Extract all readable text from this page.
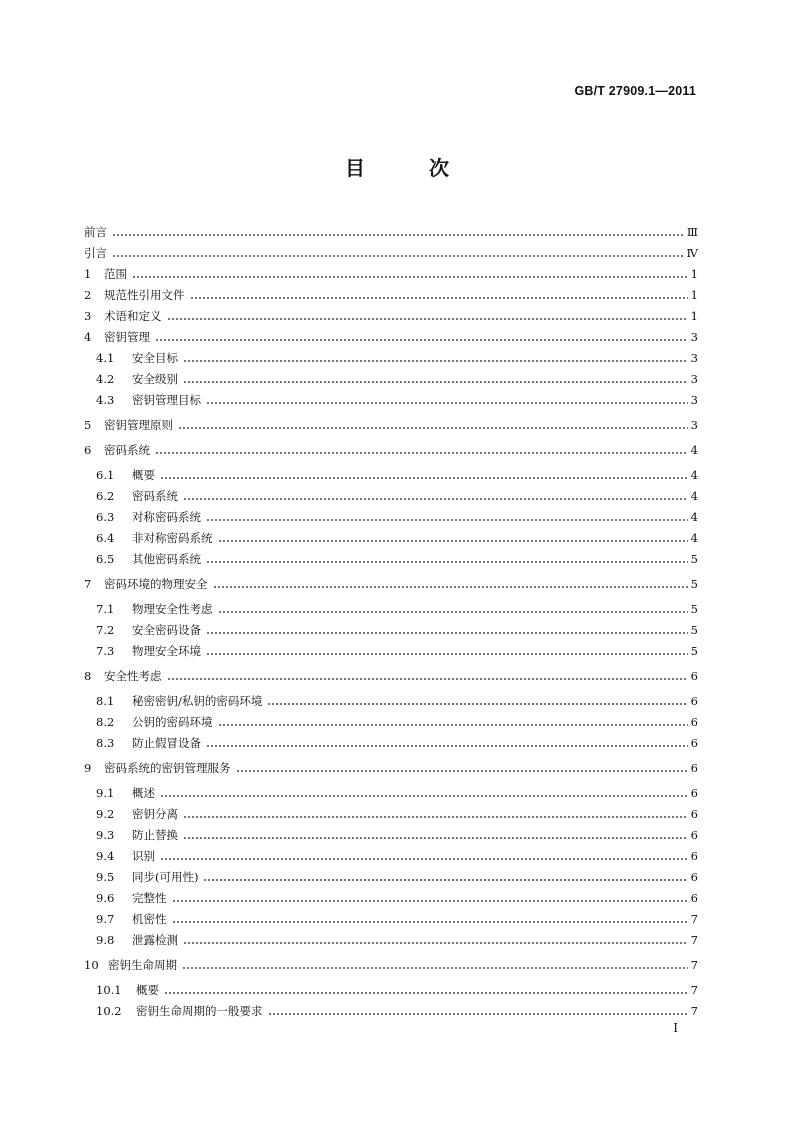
GB/T 27909.1—2011
目　次
前言	Ⅲ
引言	Ⅳ
1	范围	1
2	规范性引用文件	1
3	术语和定义	1
4	密钥管理	3
4.1	安全目标	3
4.2	安全级别	3
4.3	密钥管理目标	3
5	密钥管理原则	3
6	密码系统	4
6.1	概要	4
6.2	密码系统	4
6.3	对称密码系统	4
6.4	非对称密码系统	4
6.5	其他密码系统	5
7	密码环境的物理安全	5
7.1	物理安全性考虑	5
7.2	安全密码设备	5
7.3	物理安全环境	5
8	安全性考虑	6
8.1	秘密密钥/私钥的密码环境	6
8.2	公钥的密码环境	6
8.3	防止假冒设备	6
9	密码系统的密钥管理服务	6
9.1	概述	6
9.2	密钥分离	6
9.3	防止替换	6
9.4	识别	6
9.5	同步(可用性)	6
9.6	完整性	6
9.7	机密性	7
9.8	泄露检测	7
10 密钥生命周期	7
10.1	概要	7
10.2	密钥生命周期的一般要求	7
I
